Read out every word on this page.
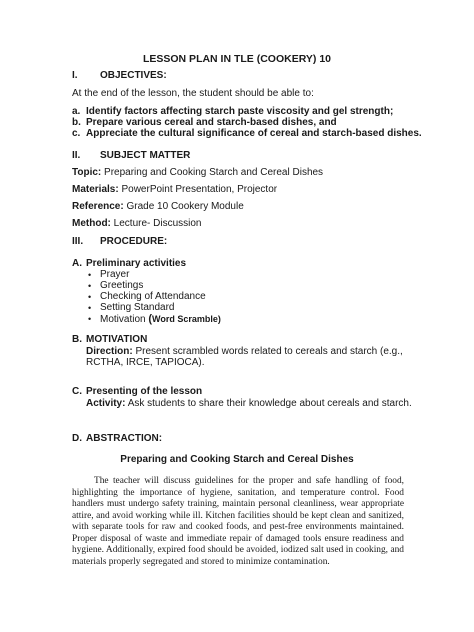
LESSON PLAN IN TLE (COOKERY) 10
I. OBJECTIVES:
At the end of the lesson, the student should be able to:
a. Identify factors affecting starch paste viscosity and gel strength;
b. Prepare various cereal and starch-based dishes, and
c. Appreciate the cultural significance of cereal and starch-based dishes.
II. SUBJECT MATTER
Topic: Preparing and Cooking Starch and Cereal Dishes
Materials: PowerPoint Presentation, Projector
Reference: Grade 10 Cookery Module
Method: Lecture- Discussion
III. PROCEDURE:
A. Preliminary activities
• Prayer
• Greetings
• Checking of Attendance
• Setting Standard
• Motivation (Word Scramble)
B. MOTIVATION
Direction: Present scrambled words related to cereals and starch (e.g.,
RCTHA, IRCE, TAPIOCA).
C. Presenting of the lesson
Activity: Ask students to share their knowledge about cereals and starch.
D. ABSTRACTION:
Preparing and Cooking Starch and Cereal Dishes
The teacher will discuss guidelines for the proper and safe handling of food, highlighting the importance of hygiene, sanitation, and temperature control. Food handlers must undergo safety training, maintain personal cleanliness, wear appropriate attire, and avoid working while ill. Kitchen facilities should be kept clean and sanitized, with separate tools for raw and cooked foods, and pest-free environments maintained. Proper disposal of waste and immediate repair of damaged tools ensure readiness and hygiene. Additionally, expired food should be avoided, iodized salt used in cooking, and materials properly segregated and stored to minimize contamination.
